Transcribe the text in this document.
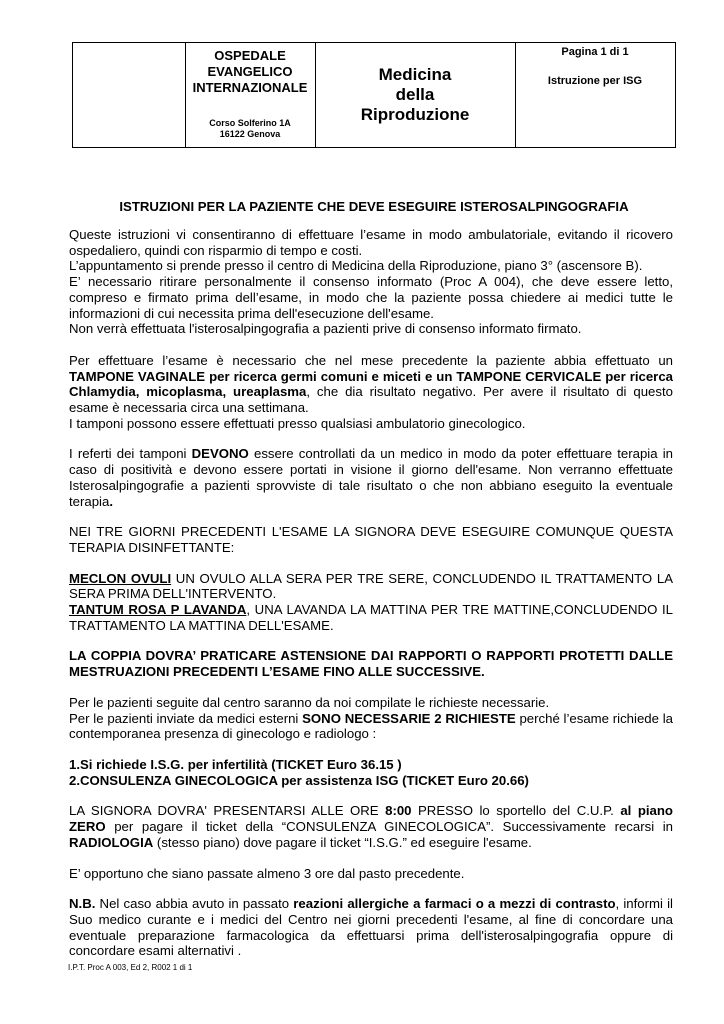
OSPEDALE
EVANGELICO
INTERNAZIONALE
Corso Solferino 1A
16122 Genova
Medicina
della
Riproduzione
Pagina 1 di 1
Istruzione per ISG
ISTRUZIONI PER LA PAZIENTE CHE DEVE ESEGUIRE ISTEROSALPINGOGRAFIA

Queste istruzioni vi consentiranno di effettuare l’esame in modo ambulatoriale, evitando il ricovero ospedaliero, quindi con risparmio di tempo e costi.
L’appuntamento si prende presso il centro di Medicina della Riproduzione, piano 3° (ascensore B).
E’ necessario ritirare personalmente il consenso informato (Proc A 004), che deve essere letto, compreso e firmato prima dell’esame, in modo che la paziente possa chiedere ai medici tutte le informazioni di cui necessita prima dell'esecuzione dell'esame.
Non verrà effettuata l'isterosalpingografia a pazienti prive di consenso informato firmato.

Per effettuare l’esame è necessario che nel mese precedente la paziente abbia effettuato un TAMPONE VAGINALE per ricerca germi comuni e miceti e un TAMPONE CERVICALE per ricerca Chlamydia, micoplasma, ureaplasma, che dia risultato negativo. Per avere il risultato di questo esame è necessaria circa una settimana.
I tamponi possono essere effettuati presso qualsiasi ambulatorio ginecologico.

I referti dei tamponi DEVONO essere controllati da un medico in modo da poter effettuare terapia in caso di positività e devono essere portati in visione il giorno dell'esame. Non verranno effettuate Isterosalpingografie a pazienti sprovviste di tale risultato o che non abbiano eseguito la eventuale terapia.

NEI TRE GIORNI PRECEDENTI L'ESAME LA SIGNORA DEVE ESEGUIRE COMUNQUE QUESTA TERAPIA DISINFETTANTE:

MECLON OVULI UN OVULO ALLA SERA PER TRE SERE, CONCLUDENDO IL TRATTAMENTO LA SERA PRIMA DELL'INTERVENTO.
TANTUM ROSA P LAVANDA, UNA LAVANDA LA MATTINA PER TRE MATTINE,CONCLUDENDO IL TRATTAMENTO LA MATTINA DELL'ESAME.

LA COPPIA DOVRA’ PRATICARE ASTENSIONE DAI RAPPORTI O RAPPORTI PROTETTI DALLE MESTRUAZIONI PRECEDENTI L’ESAME FINO ALLE SUCCESSIVE.

Per le pazienti seguite dal centro saranno da noi compilate le richieste necessarie.
Per le pazienti inviate da medici esterni SONO NECESSARIE 2 RICHIESTE perché l’esame richiede la contemporanea presenza di ginecologo e radiologo :

1.Si richiede I.S.G. per infertilità (TICKET Euro 36.15 )
2.CONSULENZA GINECOLOGICA per assistenza ISG (TICKET Euro 20.66)

LA SIGNORA DOVRA' PRESENTARSI ALLE ORE 8:00 PRESSO lo sportello del C.U.P. al piano ZERO per pagare il ticket della “CONSULENZA GINECOLOGICA”. Successivamente recarsi in RADIOLOGIA (stesso piano) dove pagare il ticket “I.S.G.” ed eseguire l'esame.

E’ opportuno che siano passate almeno 3 ore dal pasto precedente.

N.B. Nel caso abbia avuto in passato reazioni allergiche a farmaci o a mezzi di contrasto, informi il Suo medico curante e i medici del Centro nei giorni precedenti l'esame, al fine di concordare una eventuale preparazione farmacologica da effettuarsi prima dell'isterosalpingografia oppure di concordare esami alternativi .

I.P.T. Proc A 003, Ed 2, R002 1 di 1
